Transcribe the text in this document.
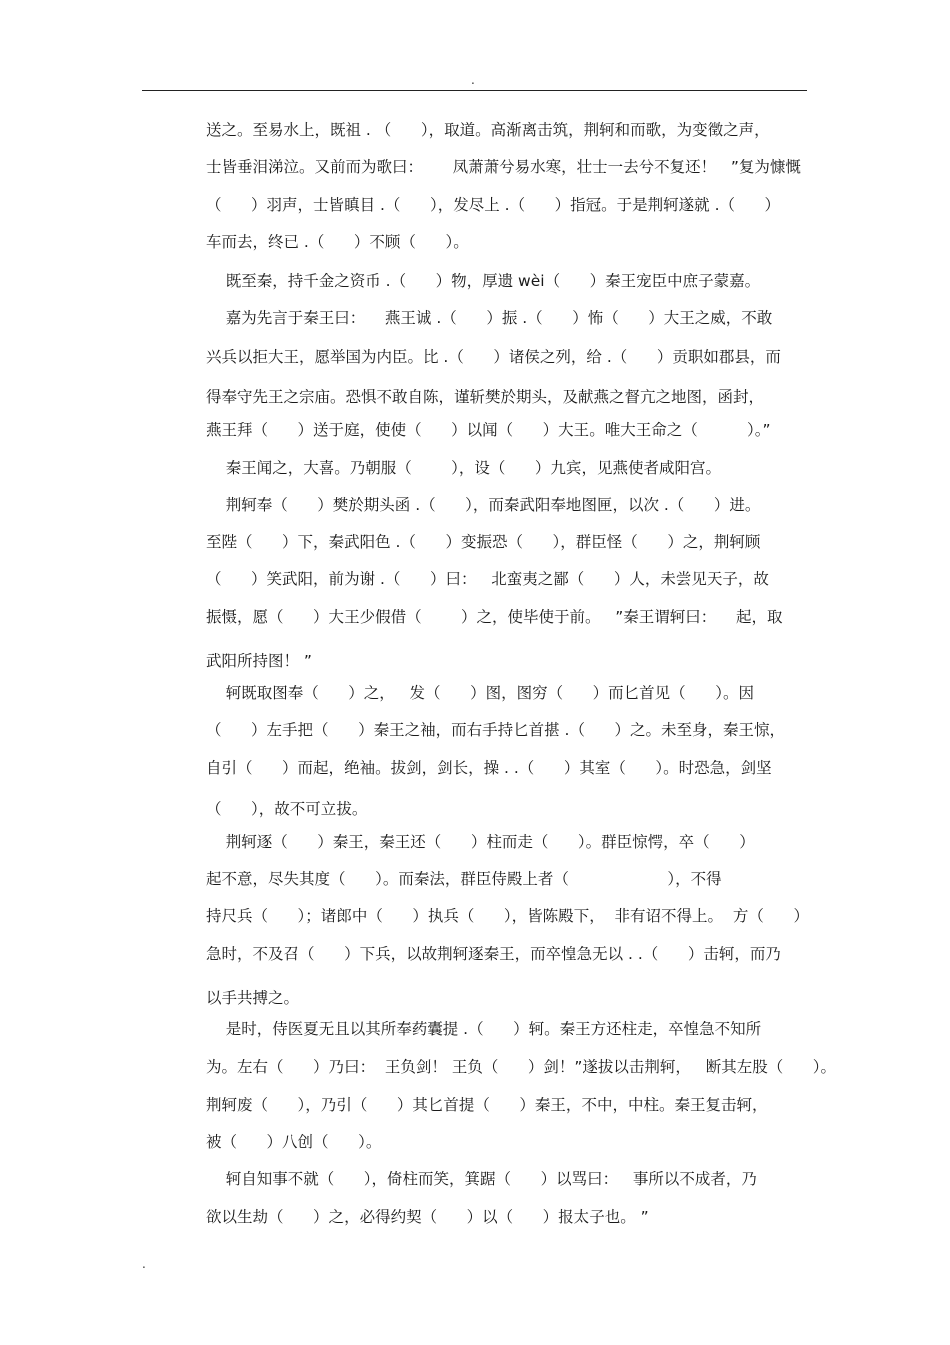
.
送之。至易水上，既祖 . （      ），取道。高渐离击筑，荆轲和而歌，为变徵之声，
士皆垂泪涕泣。又前而为歌曰：      凤萧萧兮易水寒，壮士一去兮不复还！   ”复为慷慨
（      ）羽声，士皆瞋目 .（      ），发尽上 .（      ）指冠。于是荆轲遂就 .（      ）
车而去，终已 .（      ）不顾（      ）。
既至秦，持千金之资币 .（      ）物，厚遗 wèi（      ）秦王宠臣中庶子蒙嘉。
嘉为先言于秦王曰：    燕王诚 .（      ）振 .（      ）怖（      ）大王之威，不敢
兴兵以拒大王，愿举国为内臣。比 .（      ）诸侯之列，给 .（      ）贡职如郡县，而
得奉守先王之宗庙。恐惧不敢自陈，谨斩樊於期头，及献燕之督亢之地图，函封，
燕王拜（      ）送于庭，使使（      ）以闻（      ）大王。唯大王命之（          ）。”
秦王闻之，大喜。乃朝服（        ），设（      ）九宾，见燕使者咸阳宫。
荆轲奉（      ）樊於期头函 .（      ），而秦武阳奉地图匣，以次 .（      ）进。
至陛（      ）下，秦武阳色 .（      ）变振恐（      ），群臣怪（      ）之，荆轲顾
（      ）笑武阳，前为谢 .（      ）曰：   北蛮夷之鄙（      ）人，未尝见天子，故
振慑，愿（      ）大王少假借（        ）之，使毕使于前。   ”秦王谓轲曰：    起，取
武阳所持图！ ”
轲既取图奉（      ）之，   发（      ）图，图穷（      ）而匕首见（      ）。因
（      ）左手把（      ）秦王之袖，而右手持匕首揕 .（      ）之。未至身，秦王惊，
自引（      ）而起，绝袖。拔剑，剑长，操 . .（      ）其室（      ）。时恐急，剑坚
（      ），故不可立拔。
荆轲逐（      ）秦王，秦王还（      ）柱而走（      ）。群臣惊愕，卒（      ）
起不意，尽失其度（      ）。而秦法，群臣侍殿上者（                    ），不得
持尺兵（      ）；诸郎中（      ）执兵（      ），皆陈殿下，  非有诏不得上。  方（      ）
急时，不及召（      ）下兵，以故荆轲逐秦王，而卒惶急无以 . .（      ）击轲，而乃
以手共搏之。
是时，侍医夏无且以其所奉药囊提 .（      ）轲。秦王方还柱走，卒惶急不知所
为。左右（      ）乃曰：  王负剑！ 王负（      ）剑！”遂拔以击荆轲，   断其左股（      ）。
荆轲废（      ），乃引（      ）其匕首提（      ）秦王，不中，中柱。秦王复击轲，
被（      ）八创（      ）。
轲自知事不就（      ），倚柱而笑，箕踞（      ）以骂曰：   事所以不成者，乃
欲以生劫（      ）之，必得约契（      ）以（      ）报太子也。 ”
.
